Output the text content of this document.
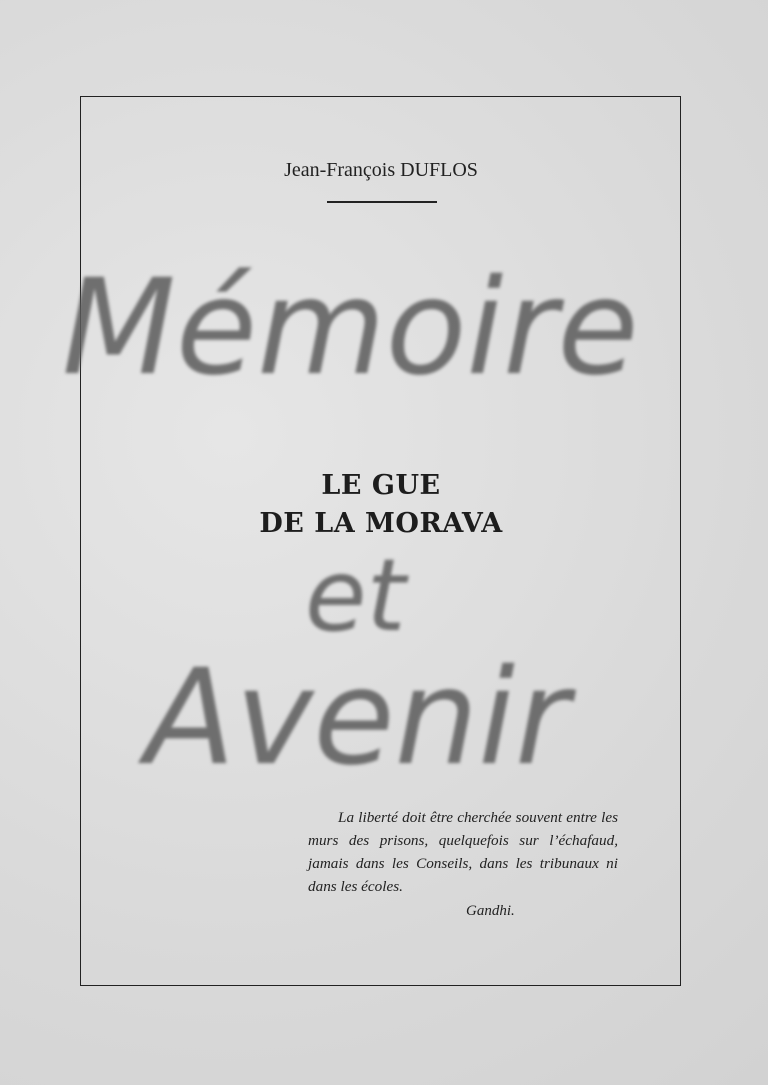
Jean-François DUFLOS
Mémoire
LE GUE
DE LA MORAVA
et
Avenir
La liberté doit être cherchée souvent entre les murs des prisons, quelquefois sur l’échafaud, jamais dans les Conseils, dans les tribunaux ni dans les écoles.
Gandhi.
